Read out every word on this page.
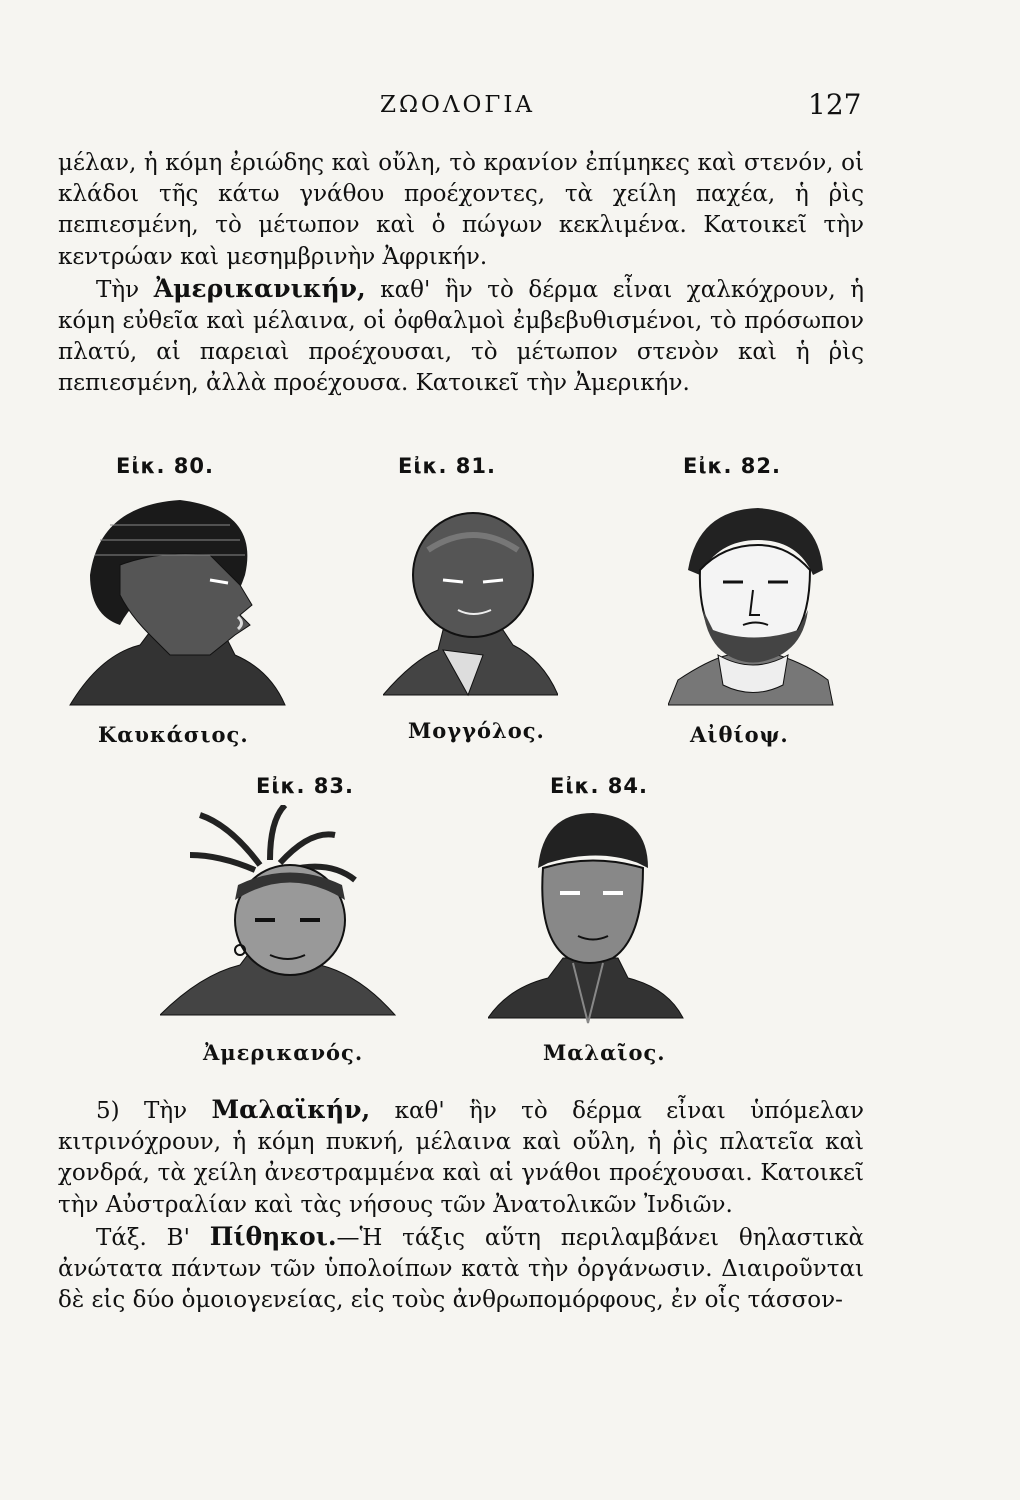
ΖΩΟΛΟΓΙΑ	127

μέλαν, ἡ κόμη ἐριώδης καὶ οὔλη, τὸ κρανίον ἐπίμηκες καὶ στενόν, οἱ κλάδοι τῆς κάτω γνάθου προέχοντες, τὰ χείλη παχέα, ἡ ῥὶς πεπιεσμένη, τὸ μέτωπον καὶ ὁ πώγων κεκλιμένα. Κατοικεῖ τὴν κεντρώαν καὶ μεσημβρινὴν Ἀφρικήν.

Τὴν Ἀμερικανικήν, καθ' ἣν τὸ δέρμα εἶναι χαλκόχρουν, ἡ κόμη εὐθεῖα καὶ μέλαινα, οἱ ὀφθαλμοὶ ἐμβεβυθισμένοι, τὸ πρόσωπον πλατύ, αἱ παρειαὶ προέχουσαι, τὸ μέτωπον στενὸν καὶ ἡ ῥὶς πεπιεσμένη, ἀλλὰ προέχουσα. Κατοικεῖ τὴν Ἀμερικήν.

Εἰκ. 80.	Εἰκ. 81.	Εἰκ. 82.
Καυκάσιος.	Μογγόλος.	Αἰθίοψ.
Εἰκ. 83.	Εἰκ. 84.
Ἀμερικανός.	Μαλαῖος.

5) Τὴν Μαλαϊκήν, καθ' ἣν τὸ δέρμα εἶναι ὑπόμελαν κιτρινόχρουν, ἡ κόμη πυκνή, μέλαινα καὶ οὔλη, ἡ ῥὶς πλατεῖα καὶ χονδρά, τὰ χείλη ἀνεστραμμένα καὶ αἱ γνάθοι προέχουσαι. Κατοικεῖ τὴν Αὐστραλίαν καὶ τὰς νήσους τῶν Ἀνατολικῶν Ἰνδιῶν.

Τάξ. Β' Πίθηκοι.—Ἡ τάξις αὕτη περιλαμβάνει θηλαστικὰ ἀνώτατα πάντων τῶν ὑπολοίπων κατὰ τὴν ὀργάνωσιν. Διαιροῦνται δὲ εἰς δύο ὁμοιογενείας, εἰς τοὺς ἀνθρωπομόρφους, ἐν οἷς τάσσον-
